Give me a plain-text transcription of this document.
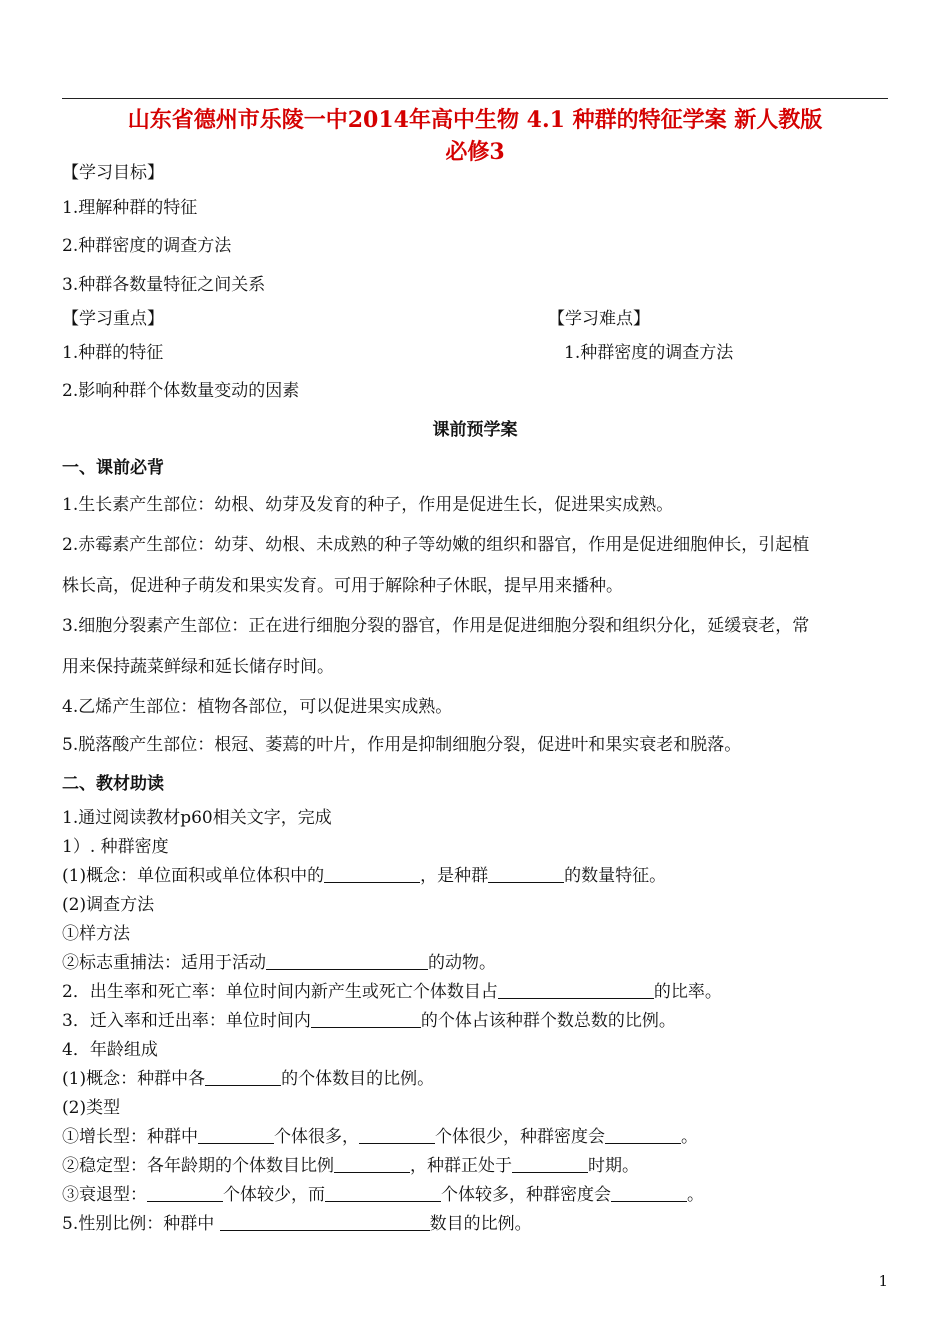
山东省德州市乐陵一中2014年高中生物 4.1 种群的特征学案 新人教版
必修3
【学习目标】
1.理解种群的特征
2.种群密度的调查方法
3.种群各数量特征之间关系
【学习重点】	【学习难点】
1.种群的特征	1.种群密度的调查方法
2.影响种群个体数量变动的因素
课前预学案
一、课前必背
1.生长素产生部位：幼根、幼芽及发育的种子，作用是促进生长，促进果实成熟。
2.赤霉素产生部位：幼芽、幼根、未成熟的种子等幼嫩的组织和器官，作用是促进细胞伸长，引起植
株长高，促进种子萌发和果实发育。可用于解除种子休眠，提早用来播种。
3.细胞分裂素产生部位：正在进行细胞分裂的器官，作用是促进细胞分裂和组织分化，延缓衰老，常
用来保持蔬菜鲜绿和延长储存时间。
4.乙烯产生部位：植物各部位，可以促进果实成熟。
5.脱落酸产生部位：根冠、萎蔫的叶片，作用是抑制细胞分裂，促进叶和果实衰老和脱落。
二、教材助读
1.通过阅读教材p60相关文字，完成
1）. 种群密度
(1)概念：单位面积或单位体积中的	，是种群	的数量特征。
(2)调查方法
①样方法
②标志重捕法：适用于活动	的动物。
2．出生率和死亡率：单位时间内新产生或死亡个体数目占	的比率。
3．迁入率和迁出率：单位时间内	的个体占该种群个数总数的比例。
4．年龄组成
(1)概念：种群中各	的个体数目的比例。
(2)类型
①增长型：种群中	个体很多，	个体很少，种群密度会	。
②稳定型：各年龄期的个体数目比例	，种群正处于	时期。
③衰退型：	个体较少，而	个体较多，种群密度会	。
5.性别比例：种群中	数目的比例。
1
